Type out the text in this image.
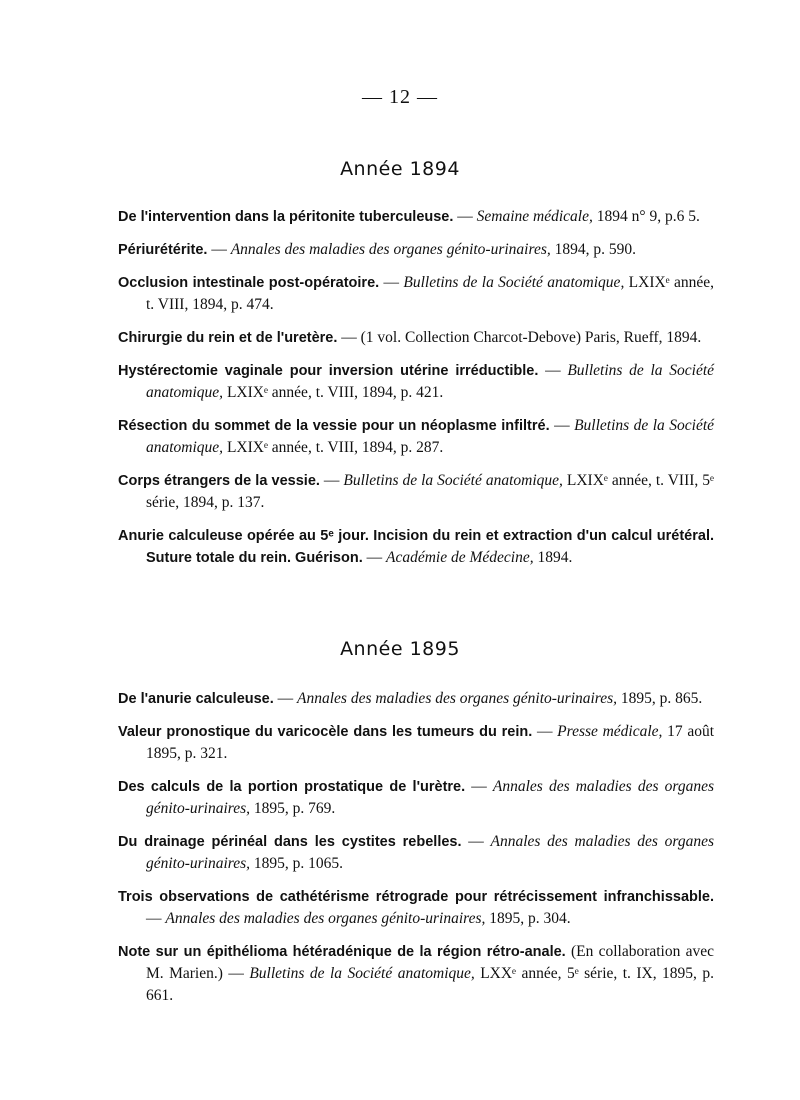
— 12 —
Année 1894
De l'intervention dans la péritonite tuberculeuse. — Semaine médicale, 1894 n° 9, p.6 5.
Périurétérite. — Annales des maladies des organes génito-urinaires, 1894, p. 590.
Occlusion intestinale post-opératoire. — Bulletins de la Société anatomique, LXIXᵉ année, t. VIII, 1894, p. 474.
Chirurgie du rein et de l'uretère. — (1 vol. Collection Charcot-Debove) Paris, Rueff, 1894.
Hystérectomie vaginale pour inversion utérine irréductible. — Bulletins de la Société anatomique, LXIXᵉ année, t. VIII, 1894, p. 421.
Résection du sommet de la vessie pour un néoplasme infiltré. — Bulletins de la Société anatomique, LXIXᵉ année, t. VIII, 1894, p. 287.
Corps étrangers de la vessie. — Bulletins de la Société anatomique, LXIXᵉ année, t. VIII, 5ᵉ série, 1894, p. 137.
Anurie calculeuse opérée au 5ᵉ jour. Incision du rein et extraction d'un calcul urétéral. Suture totale du rein. Guérison. — Académie de Médecine, 1894.
Année 1895
De l'anurie calculeuse. — Annales des maladies des organes génito-urinaires, 1895, p. 865.
Valeur pronostique du varicocèle dans les tumeurs du rein. — Presse médicale, 17 août 1895, p. 321.
Des calculs de la portion prostatique de l'urètre. — Annales des maladies des organes génito-urinaires, 1895, p. 769.
Du drainage périnéal dans les cystites rebelles. — Annales des maladies des organes génito-urinaires, 1895, p. 1065.
Trois observations de cathétérisme rétrograde pour rétrécissement infranchissable. — Annales des maladies des organes génito-urinaires, 1895, p. 304.
Note sur un épithélioma hétéradénique de la région rétro-anale. (En collaboration avec M. Marien.) — Bulletins de la Société anatomique, LXXᵉ année, 5ᵉ série, t. IX, 1895, p. 661.
